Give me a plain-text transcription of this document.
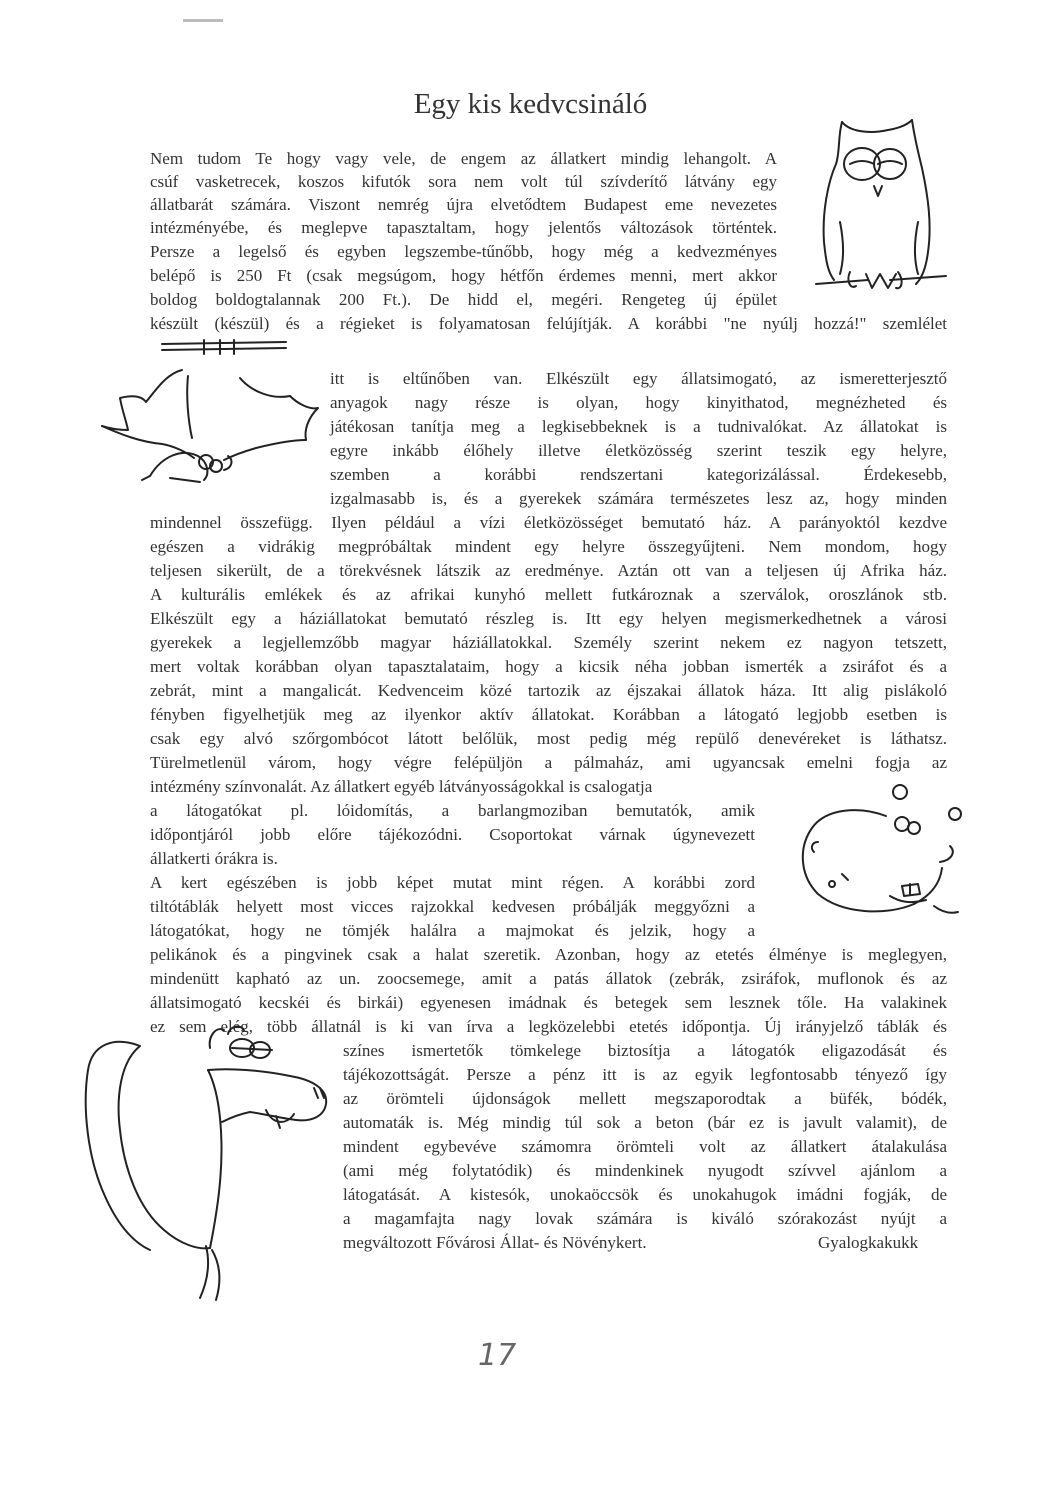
Egy kis kedvcsináló
Nem tudom Te hogy vagy vele, de engem az állatkert mindig lehangolt. A
csúf vasketrecek, koszos kifutók sora nem volt túl szívderítő látvány egy
állatbarát számára. Viszont nemrég újra elvetődtem Budapest eme nevezetes
intézményébe, és meglepve tapasztaltam, hogy jelentős változások történtek.
Persze a legelső és egyben legszembe-tűnőbb, hogy még a kedvezményes
belépő is 250 Ft (csak megsúgom, hogy hétfőn érdemes menni, mert akkor
boldog boldogtalannak 200 Ft.). De hidd el, megéri. Rengeteg új épület
készült (készül) és a régieket is folyamatosan felújítják. A korábbi "ne nyúlj hozzá!" szemlélet
itt is eltűnőben van. Elkészült egy állatsimogató, az ismeretterjesztő
anyagok nagy része is olyan, hogy kinyithatod, megnézheted és
játékosan tanítja meg a legkisebbeknek is a tudnivalókat. Az állatokat is
egyre inkább élőhely illetve életközösség szerint teszik egy helyre,
szemben a korábbi rendszertani kategorizálással. Érdekesebb,
izgalmasabb is, és a gyerekek számára természetes lesz az, hogy minden
mindennel összefügg. Ilyen például a vízi életközösséget bemutató ház. A parányoktól kezdve
egészen a vidrákig megpróbáltak mindent egy helyre összegyűjteni. Nem mondom, hogy
teljesen sikerült, de a törekvésnek látszik az eredménye. Aztán ott van a teljesen új Afrika ház.
A kulturális emlékek és az afrikai kunyhó mellett futkároznak a szerválok, oroszlánok stb.
Elkészült egy a háziállatokat bemutató részleg is. Itt egy helyen megismerkedhetnek a városi
gyerekek a legjellemzőbb magyar háziállatokkal. Személy szerint nekem ez nagyon tetszett,
mert voltak korábban olyan tapasztalataim, hogy a kicsik néha jobban ismerték a zsiráfot és a
zebrát, mint a mangalicát. Kedvenceim közé tartozik az éjszakai állatok háza. Itt alig pislákoló
fényben figyelhetjük meg az ilyenkor aktív állatokat. Korábban a látogató legjobb esetben is
csak egy alvó szőrgombócot látott belőlük, most pedig még repülő denevéreket is láthatsz.
Türelmetlenül várom, hogy végre felépüljön a pálmaház, ami ugyancsak emelni fogja az
intézmény színvonalát. Az állatkert egyéb látványosságokkal is csalogatja
a látogatókat pl. lóidomítás, a barlangmoziban bemutatók, amik
időpontjáról jobb előre tájékozódni. Csoportokat várnak úgynevezett
állatkerti órákra is.
A kert egészében is jobb képet mutat mint régen. A korábbi zord
tiltótáblák helyett most vicces rajzokkal kedvesen próbálják meggyőzni a
látogatókat, hogy ne tömjék halálra a majmokat és jelzik, hogy a
pelikánok és a pingvinek csak a halat szeretik. Azonban, hogy az etetés élménye is meglegyen,
mindenütt kapható az un. zoocsemege, amit a patás állatok (zebrák, zsiráfok, muflonok és az
állatsimogató kecskéi és birkái) egyenesen imádnak és betegek sem lesznek tőle. Ha valakinek
ez sem elég, több állatnál is ki van írva a legközelebbi etetés időpontja. Új irányjelző táblák és
színes ismertetők tömkelege biztosítja a látogatók eligazodását és
tájékozottságát. Persze a pénz itt is az egyik legfontosabb tényező így
az örömteli újdonságok mellett megszaporodtak a büfék, bódék,
automaták is. Még mindig túl sok a beton (bár ez is javult valamit), de
mindent egybevéve számomra örömteli volt az állatkert átalakulása
(ami még folytatódik) és mindenkinek nyugodt szívvel ajánlom a
látogatását. A kistesók, unokaöccsök és unokahugok imádni fogják, de
a magamfajta nagy lovak számára is kiváló szórakozást nyújt a
megváltozott Fővárosi Állat- és Növénykert.	Gyalogkakukk
17
